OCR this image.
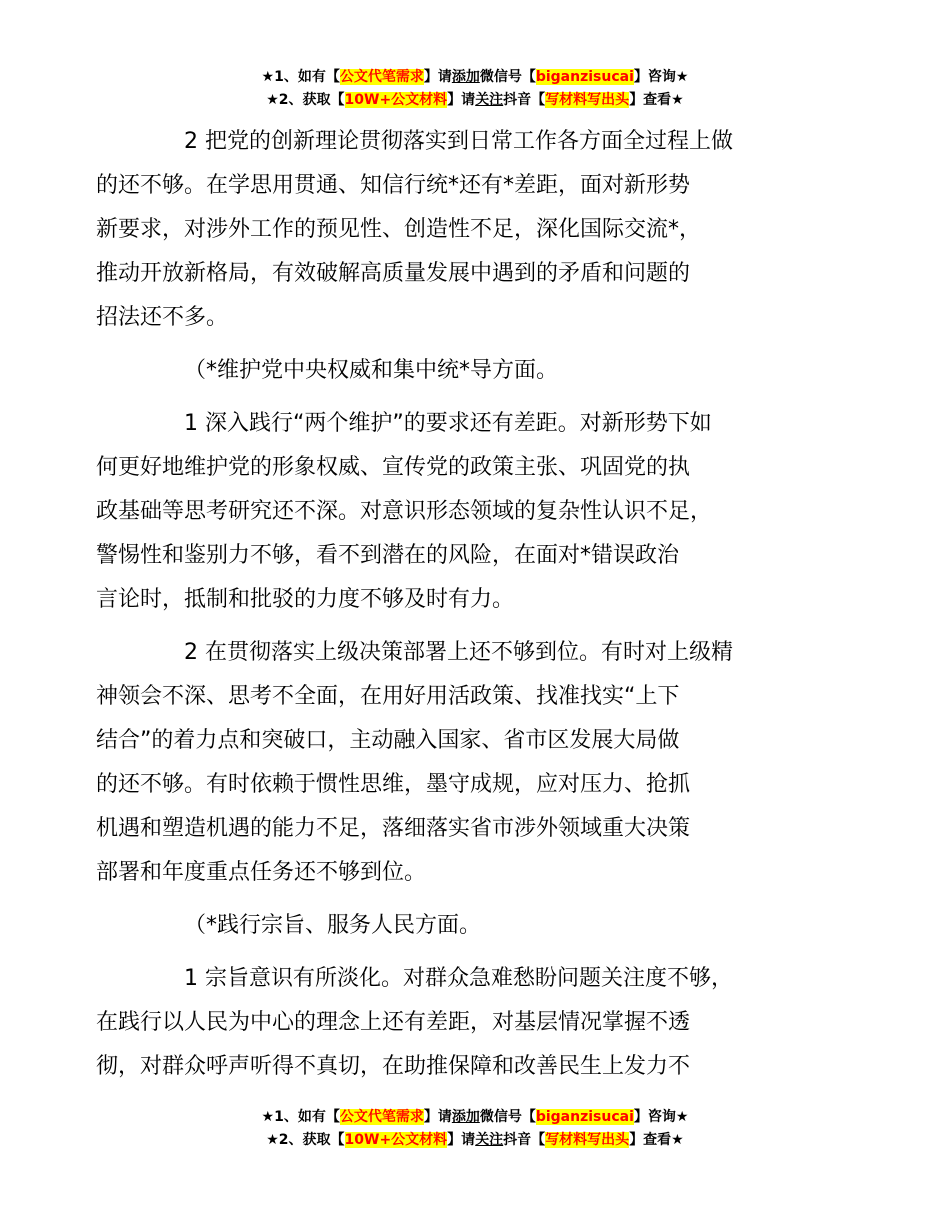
★1、如有【公文代笔需求】请添加微信号【biganzisucai】咨询★
★2、获取【10W+公文材料】请关注抖音【写材料写出头】查看★
2 把党的创新理论贯彻落实到日常工作各方面全过程上做
的还不够。在学思用贯通、知信行统*还有*差距，面对新形势
新要求，对涉外工作的预见性、创造性不足，深化国际交流*，
推动开放新格局，有效破解高质量发展中遇到的矛盾和问题的
招法还不多。
（*维护党中央权威和集中统*导方面。
1 深入践行“两个维护”的要求还有差距。对新形势下如
何更好地维护党的形象权威、宣传党的政策主张、巩固党的执
政基础等思考研究还不深。对意识形态领域的复杂性认识不足，
警惕性和鉴别力不够，看不到潜在的风险，在面对*错误政治
言论时，抵制和批驳的力度不够及时有力。
2 在贯彻落实上级决策部署上还不够到位。有时对上级精
神领会不深、思考不全面，在用好用活政策、找准找实“上下
结合”的着力点和突破口，主动融入国家、省市区发展大局做
的还不够。有时依赖于惯性思维，墨守成规，应对压力、抢抓
机遇和塑造机遇的能力不足，落细落实省市涉外领域重大决策
部署和年度重点任务还不够到位。
（*践行宗旨、服务人民方面。
1 宗旨意识有所淡化。对群众急难愁盼问题关注度不够，
在践行以人民为中心的理念上还有差距，对基层情况掌握不透
彻，对群众呼声听得不真切，在助推保障和改善民生上发力不
★1、如有【公文代笔需求】请添加微信号【biganzisucai】咨询★
★2、获取【10W+公文材料】请关注抖音【写材料写出头】查看★
